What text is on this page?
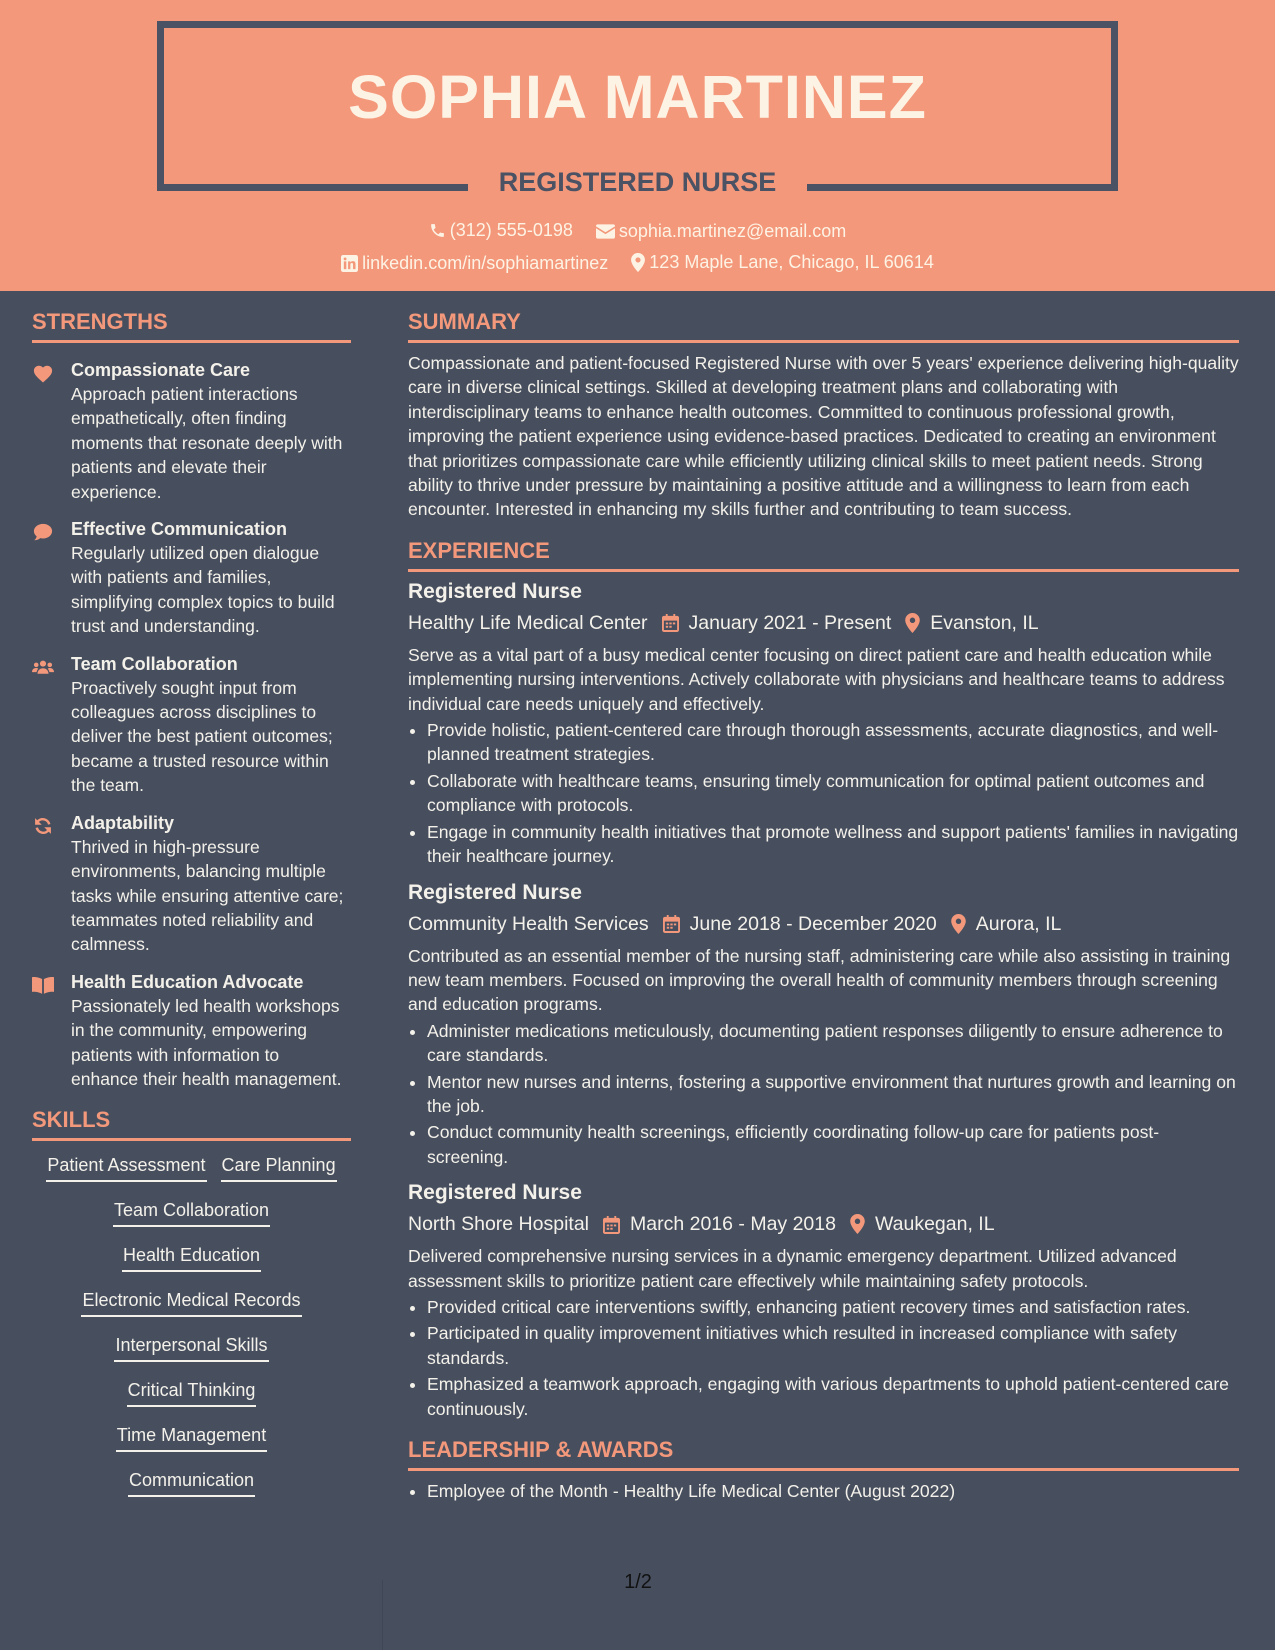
SOPHIA MARTINEZ
REGISTERED NURSE
(312) 555-0198
	sophia.martinez@email.com
linkedin.com/in/sophiamartinez
123 Maple Lane, Chicago, IL 60614
STRENGTHS
Compassionate Care
Approach patient interactions empathetically, often finding moments that resonate deeply with patients and elevate their experience.
Effective Communication
Regularly utilized open dialogue with patients and families, simplifying complex topics to build trust and understanding.
Team Collaboration
Proactively sought input from colleagues across disciplines to deliver the best patient outcomes; became a trusted resource within the team.
Adaptability
Thrived in high-pressure environments, balancing multiple tasks while ensuring attentive care; teammates noted reliability and calmness.
Health Education Advocate
Passionately led health workshops in the community, empowering patients with information to enhance their health management.
SKILLS
Patient Assessment Care Planning
Team Collaboration
Health Education
Electronic Medical Records
Interpersonal Skills
Critical Thinking
Time Management
Communication
SUMMARY
Compassionate and patient-focused Registered Nurse with over 5 years' experience delivering high-quality care in diverse clinical settings. Skilled at developing treatment plans and collaborating with interdisciplinary teams to enhance health outcomes. Committed to continuous professional growth, improving the patient experience using evidence-based practices. Dedicated to creating an environment that prioritizes compassionate care while efficiently utilizing clinical skills to meet patient needs. Strong ability to thrive under pressure by maintaining a positive attitude and a willingness to learn from each encounter. Interested in enhancing my skills further and contributing to team success.
EXPERIENCE
Registered Nurse
Healthy Life Medical Center January 2021 - Present Evanston, IL
Serve as a vital part of a busy medical center focusing on direct patient care and health education while implementing nursing interventions. Actively collaborate with physicians and healthcare teams to address individual care needs uniquely and effectively.
• Provide holistic, patient-centered care through thorough assessments, accurate diagnostics, and well-planned treatment strategies.
• Collaborate with healthcare teams, ensuring timely communication for optimal patient outcomes and compliance with protocols.
• Engage in community health initiatives that promote wellness and support patients' families in navigating their healthcare journey.
Registered Nurse
Community Health Services June 2018 - December 2020 Aurora, IL
Contributed as an essential member of the nursing staff, administering care while also assisting in training new team members. Focused on improving the overall health of community members through screening and education programs.
• Administer medications meticulously, documenting patient responses diligently to ensure adherence to care standards.
• Mentor new nurses and interns, fostering a supportive environment that nurtures growth and learning on the job.
• Conduct community health screenings, efficiently coordinating follow-up care for patients post-screening.
Registered Nurse
North Shore Hospital March 2016 - May 2018 Waukegan, IL
Delivered comprehensive nursing services in a dynamic emergency department. Utilized advanced assessment skills to prioritize patient care effectively while maintaining safety protocols.
• Provided critical care interventions swiftly, enhancing patient recovery times and satisfaction rates.
• Participated in quality improvement initiatives which resulted in increased compliance with safety standards.
• Emphasized a teamwork approach, engaging with various departments to uphold patient-centered care continuously.
LEADERSHIP & AWARDS
• Employee of the Month - Healthy Life Medical Center (August 2022)
1/2
